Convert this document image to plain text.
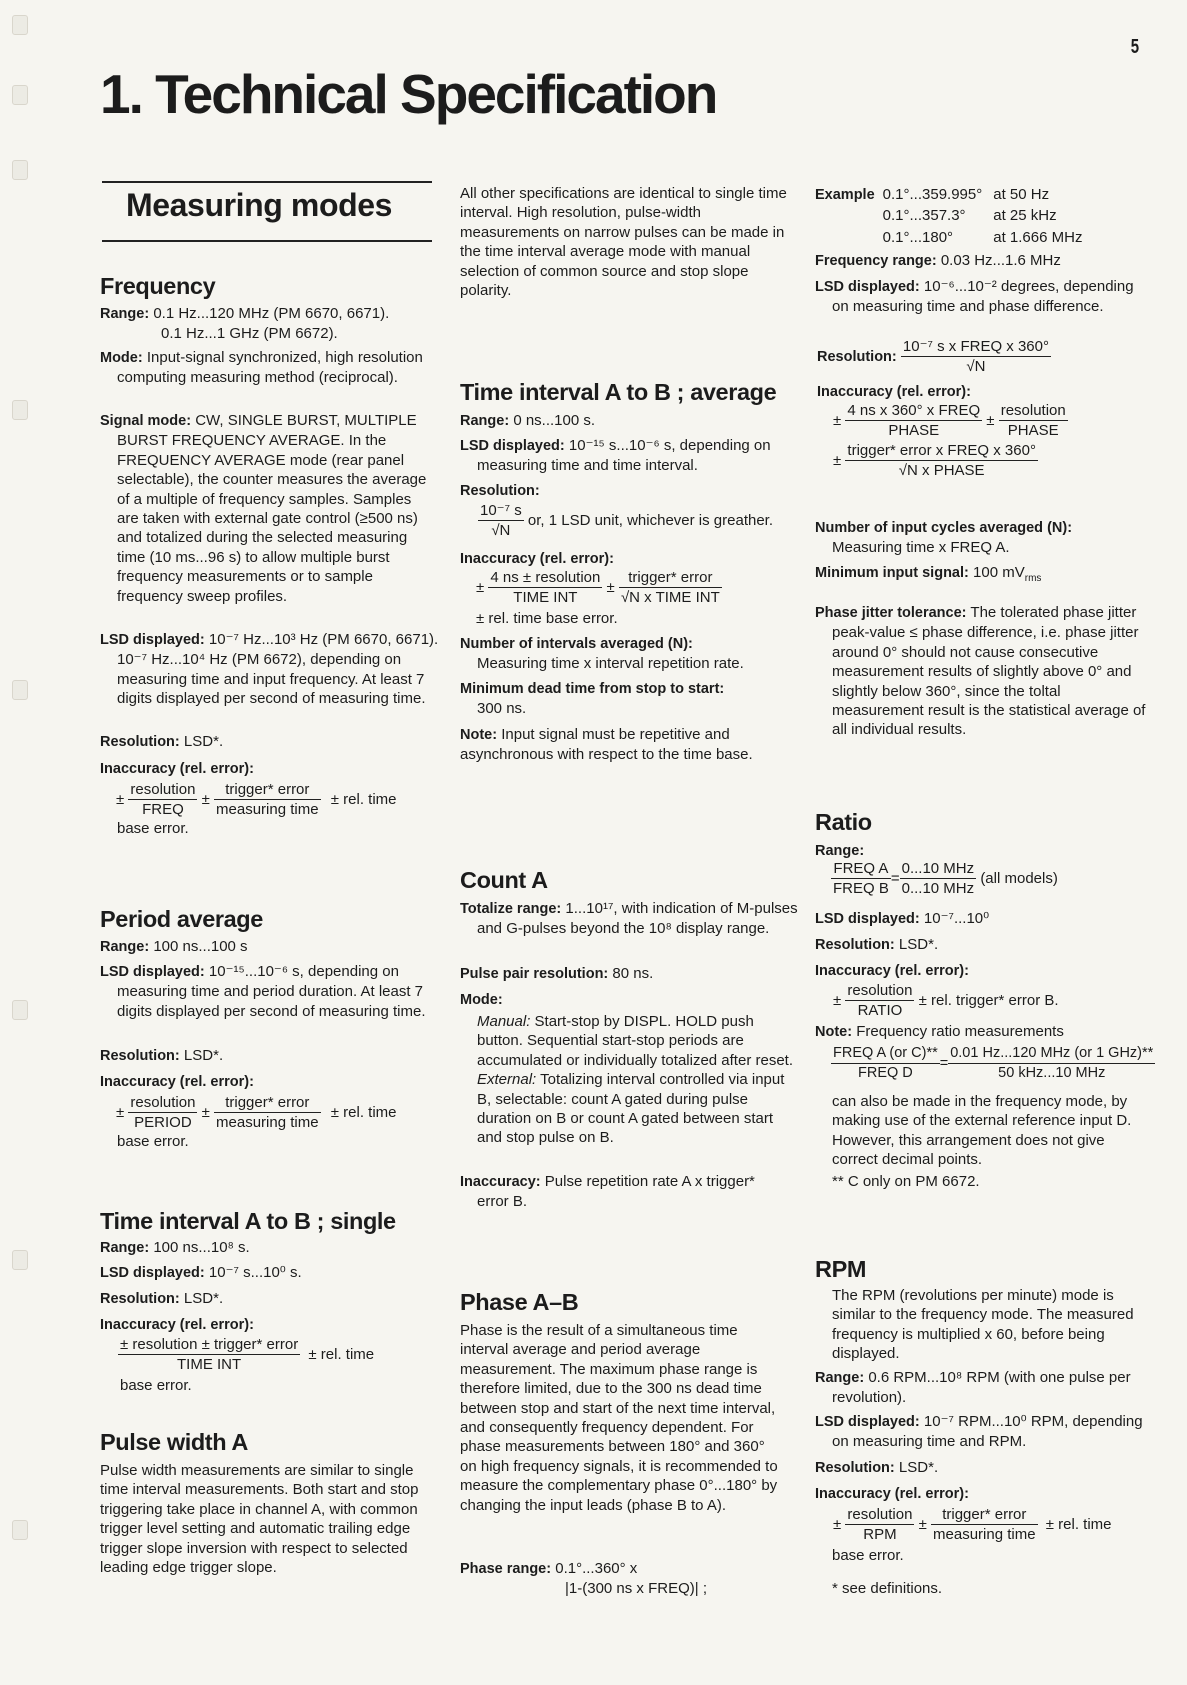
5
1. Technical Specification
Measuring modes
Frequency
Range: 0.1 Hz...120 MHz (PM 6670, 6671).
0.1 Hz...1 GHz (PM 6672).
Mode: Input-signal synchronized, high resolution computing measuring method (reciprocal).
Signal mode: CW, SINGLE BURST, MULTIPLE BURST FREQUENCY AVERAGE. In the FREQUENCY AVERAGE mode (rear panel selectable), the counter measures the average of a multiple of frequency samples. Samples are taken with external gate control (≥500 ns) and totalized during the selected measuring time (10 ms...96 s) to allow multiple burst frequency measurements or to sample frequency sweep profiles.
LSD displayed: 10⁻⁷ Hz...10³ Hz (PM 6670, 6671). 10⁻⁷ Hz...10⁴ Hz (PM 6672), depending on measuring time and input frequency. At least 7 digits displayed per second of measuring time.
Resolution: LSD*.
Inaccuracy (rel. error):
± $\frac{\text{resolution}}{\text{FREQ}} \pm \frac{\text{trigger* error}}{\text{measuring time}}$ ± rel. time
base error.
Period average
Range: 100 ns...100 s
LSD displayed: 10⁻¹⁵...10⁻⁶ s, depending on measuring time and period duration. At least 7 digits displayed per second of measuring time.
Resolution: LSD*.
Inaccuracy (rel. error):
± $\frac{\text{resolution}}{\text{PERIOD}} \pm \frac{\text{trigger* error}}{\text{measuring time}}$ ± rel. time
base error.
Time interval A to B ; single
Range: 100 ns...10⁸ s.
LSD displayed: 10⁻⁷ s...10⁰ s.
Resolution: LSD*.
Inaccuracy (rel. error):
$\frac{\text{± resolution ± trigger* error}}{\text{TIME INT}}$ ± rel. time
base error.
Pulse width A
Pulse width measurements are similar to single time interval measurements. Both start and stop triggering take place in channel A, with common trigger level setting and automatic trailing edge trigger slope inversion with respect to selected leading edge trigger slope.
All other specifications are identical to single time interval. High resolution, pulse-width measurements on narrow pulses can be made in the time interval average mode with manual selection of common source and stop slope polarity.
Time interval A to B ; average
Range: 0 ns...100 s.
LSD displayed: 10⁻¹⁵ s...10⁻⁶ s, depending on measuring time and time interval.
Resolution:
$\frac{\text{10⁻⁷ s}}{√N}$ or, 1 LSD unit, whichever is greather.
Inaccuracy (rel. error):
± $\frac{\text{4 ns ± resolution}}{\text{TIME INT}} \pm \frac{\text{trigger* error}}{\text{√N x TIME INT}}$
± rel. time base error.
Number of intervals averaged (N):
Measuring time x interval repetition rate.
Minimum dead time from stop to start:
300 ns.
Note: Input signal must be repetitive and asynchronous with respect to the time base.
Count A
Totalize range: 1...10¹⁷, with indication of M-pulses and G-pulses beyond the 10⁸ display range.
Pulse pair resolution: 80 ns.
Mode:
Manual: Start-stop by DISPL. HOLD push button. Sequential start-stop periods are accumulated or individually totalized after reset.
External: Totalizing interval controlled via input B, selectable: count A gated during pulse duration on B or count A gated between start and stop pulse on B.
Inaccuracy: Pulse repetition rate A x trigger* error B.
Phase A–B
Phase is the result of a simultaneous time interval average and period average measurement. The maximum phase range is therefore limited, due to the 300 ns dead time between stop and start of the next time interval, and consequently frequency dependent. For phase measurements between 180° and 360° on high frequency signals, it is recommended to measure the complementary phase 0°...180° by changing the input leads (phase B to A).
Phase range: 0.1°...360° x
|1-(300 ns x FREQ)| ;
Example	0.1°...359.995°	at 50 Hz
	0.1°...357.3°	at 25 kHz
	0.1°...180°	at 1.666 MHz
Frequency range: 0.03 Hz...1.6 MHz
LSD displayed: 10⁻⁶...10⁻² degrees, depending on measuring time and phase difference.
Resolution: $\frac{\text{10⁻⁷ s x FREQ x 360°}}{√N}$
Inaccuracy (rel. error):
± $\frac{\text{4 ns x 360° x FREQ}}{\text{PHASE}} \pm \frac{\text{resolution}}{\text{PHASE}}$

± $\frac{\text{trigger* error x FREQ x 360°}}{\text{√N x PHASE}}$
Number of input cycles averaged (N):
Measuring time x FREQ A.
Minimum input signal: 100 $mV_{rms}$
Phase jitter tolerance: The tolerated phase jitter peak-value ≤ phase difference, i.e. phase jitter around 0° should not cause consecutive measurement results of slightly above 0° and slightly below 360°, since the toltal measurement result is the statistical average of all individual results.
Ratio
Range:
$\frac{\text{FREQ A}}{\text{FREQ B}} = \frac{\text{0...10 MHz}}{\text{0...10 MHz}} (all$ models)
LSD displayed: 10⁻⁷...10⁰
Resolution: LSD*.
Inaccuracy (rel. error):
± $\frac{\text{resolution}}{\text{RATIO}}$ ± rel. trigger* error B.
Note: Frequency ratio measurements
$\frac{\text{FREQ A (or C)**}}{\text{FREQ D}} = \frac{\text{0.01 Hz...120 MHz (or 1 GHz)**}}{\text{50 kHz...10 MHz}}$
can also be made in the frequency mode, by making use of the external reference input D. However, this arrangement does not give correct decimal points.
** C only on PM 6672.
RPM
The RPM (revolutions per minute) mode is similar to the frequency mode. The measured frequency is multiplied x 60, before being displayed.
Range: 0.6 RPM...10⁸ RPM (with one pulse per revolution).
LSD displayed: 10⁻⁷ RPM...10⁰ RPM, depending on measuring time and RPM.
Resolution: LSD*.
Inaccuracy (rel. error):
± $\frac{\text{resolution}}{\text{RPM}} \pm \frac{\text{trigger* error}}{\text{measuring time}}$ ± rel. time
base error.
* see definitions.
